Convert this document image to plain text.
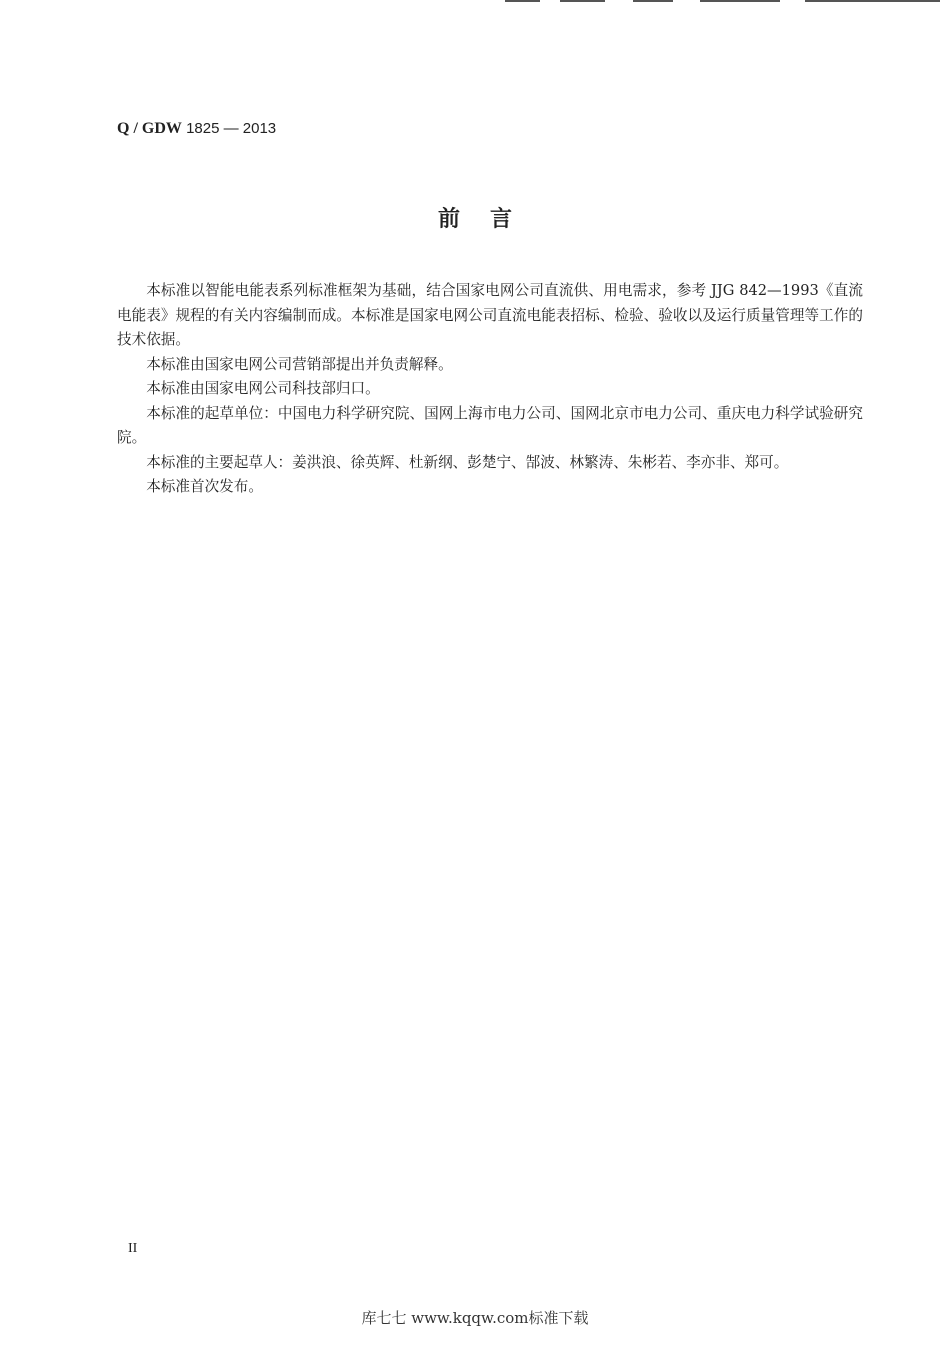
Q / GDW 1825 — 2013
前言

本标准以智能电能表系列标准框架为基础，结合国家电网公司直流供、用电需求，参考 JJG 842—1993《直流电能表》规程的有关内容编制而成。本标准是国家电网公司直流电能表招标、检验、验收以及运行质量管理等工作的技术依据。

本标准由国家电网公司营销部提出并负责解释。

本标准由国家电网公司科技部归口。

本标准的起草单位：中国电力科学研究院、国网上海市电力公司、国网北京市电力公司、重庆电力科学试验研究院。

本标准的主要起草人：姜洪浪、徐英辉、杜新纲、彭楚宁、郜波、林繁涛、朱彬若、李亦非、郑可。

本标准首次发布。

II
库七七 www.kqqw.com标准下载
